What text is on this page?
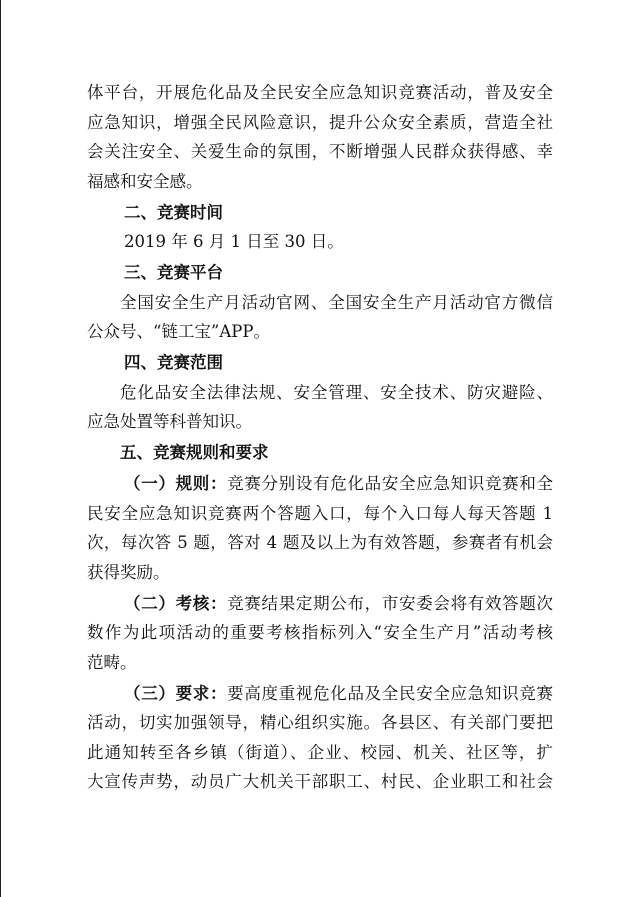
体平台，开展危化品及全民安全应急知识竞赛活动，普及安全
应急知识，增强全民风险意识，提升公众安全素质，营造全社
会关注安全、关爱生命的氛围，不断增强人民群众获得感、幸
福感和安全感。
二、竞赛时间
2019 年 6 月 1 日至 30 日。
三、竞赛平台
全国安全生产月活动官网、全国安全生产月活动官方微信
公众号、“链工宝”APP。
四、竞赛范围
危化品安全法律法规、安全管理、安全技术、防灾避险、
应急处置等科普知识。
五、竞赛规则和要求
（一）规则：竞赛分别设有危化品安全应急知识竞赛和全
民安全应急知识竞赛两个答题入口，每个入口每人每天答题 1
次，每次答 5 题，答对 4 题及以上为有效答题，参赛者有机会
获得奖励。
（二）考核：竞赛结果定期公布，市安委会将有效答题次
数作为此项活动的重要考核指标列入“安全生产月”活动考核
范畴。
（三）要求：要高度重视危化品及全民安全应急知识竞赛
活动，切实加强领导，精心组织实施。各县区、有关部门要把
此通知转至各乡镇（街道）、企业、校园、机关、社区等，扩
大宣传声势，动员广大机关干部职工、村民、企业职工和社会
